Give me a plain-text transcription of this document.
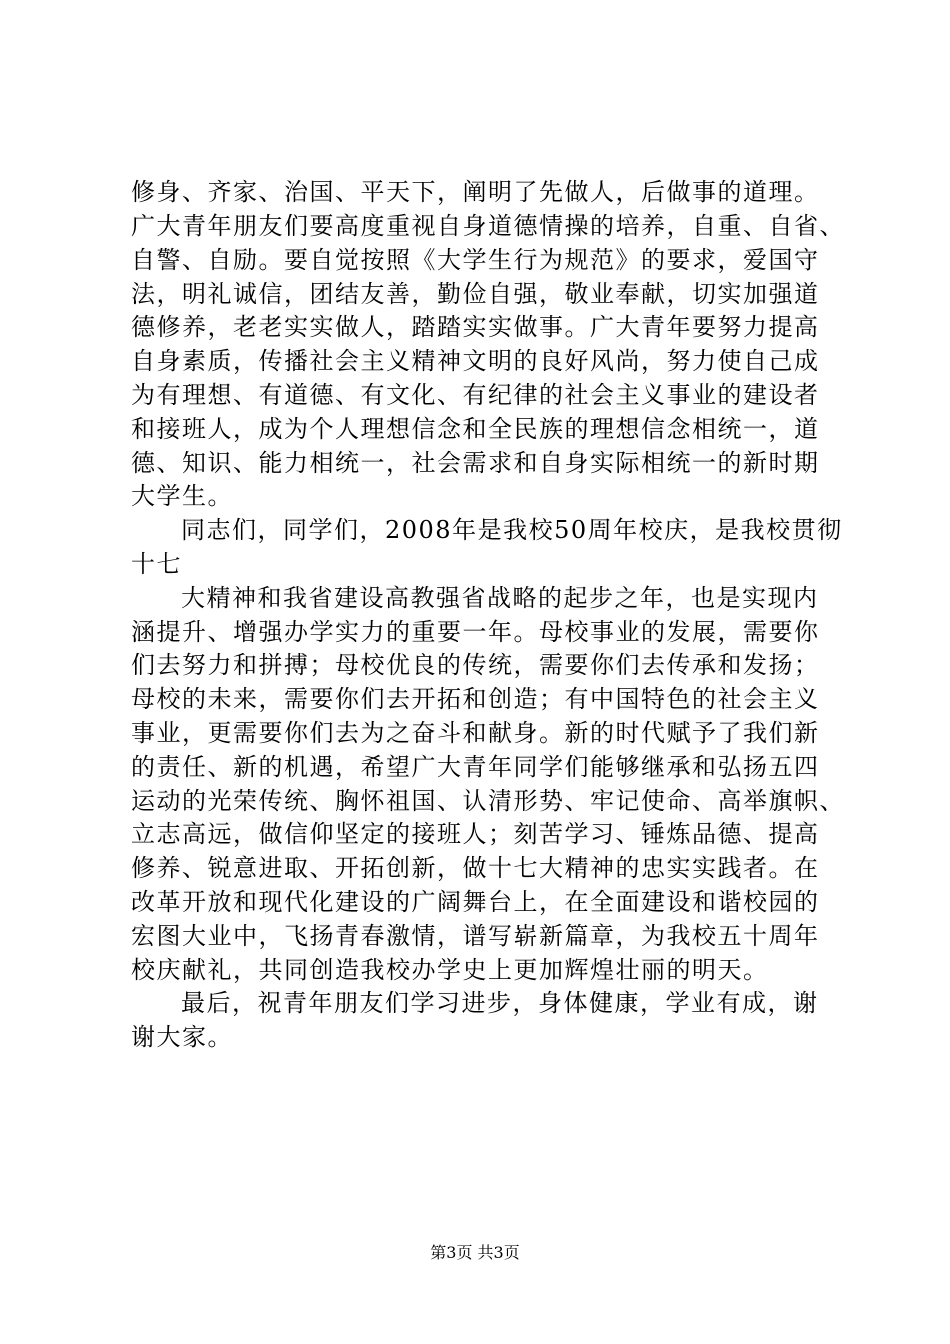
修身、齐家、治国、平天下，阐明了先做人，后做事的道理。
广大青年朋友们要高度重视自身道德情操的培养，自重、自省、
自警、自励。要自觉按照《大学生行为规范》的要求，爱国守
法，明礼诚信，团结友善，勤俭自强，敬业奉献，切实加强道
德修养，老老实实做人，踏踏实实做事。广大青年要努力提高
自身素质，传播社会主义精神文明的良好风尚，努力使自己成
为有理想、有道德、有文化、有纪律的社会主义事业的建设者
和接班人，成为个人理想信念和全民族的理想信念相统一，道
德、知识、能力相统一，社会需求和自身实际相统一的新时期
大学生。
同志们，同学们，2008年是我校50周年校庆，是我校贯彻
十七
大精神和我省建设高教强省战略的起步之年，也是实现内
涵提升、增强办学实力的重要一年。母校事业的发展，需要你
们去努力和拼搏；母校优良的传统，需要你们去传承和发扬；
母校的未来，需要你们去开拓和创造；有中国特色的社会主义
事业，更需要你们去为之奋斗和献身。新的时代赋予了我们新
的责任、新的机遇，希望广大青年同学们能够继承和弘扬五四
运动的光荣传统、胸怀祖国、认清形势、牢记使命、高举旗帜、
立志高远，做信仰坚定的接班人；刻苦学习、锤炼品德、提高
修养、锐意进取、开拓创新，做十七大精神的忠实实践者。在
改革开放和现代化建设的广阔舞台上，在全面建设和谐校园的
宏图大业中，飞扬青春激情，谱写崭新篇章，为我校五十周年
校庆献礼，共同创造我校办学史上更加辉煌壮丽的明天。
最后，祝青年朋友们学习进步，身体健康，学业有成，谢
谢大家。
第3页 共3页
